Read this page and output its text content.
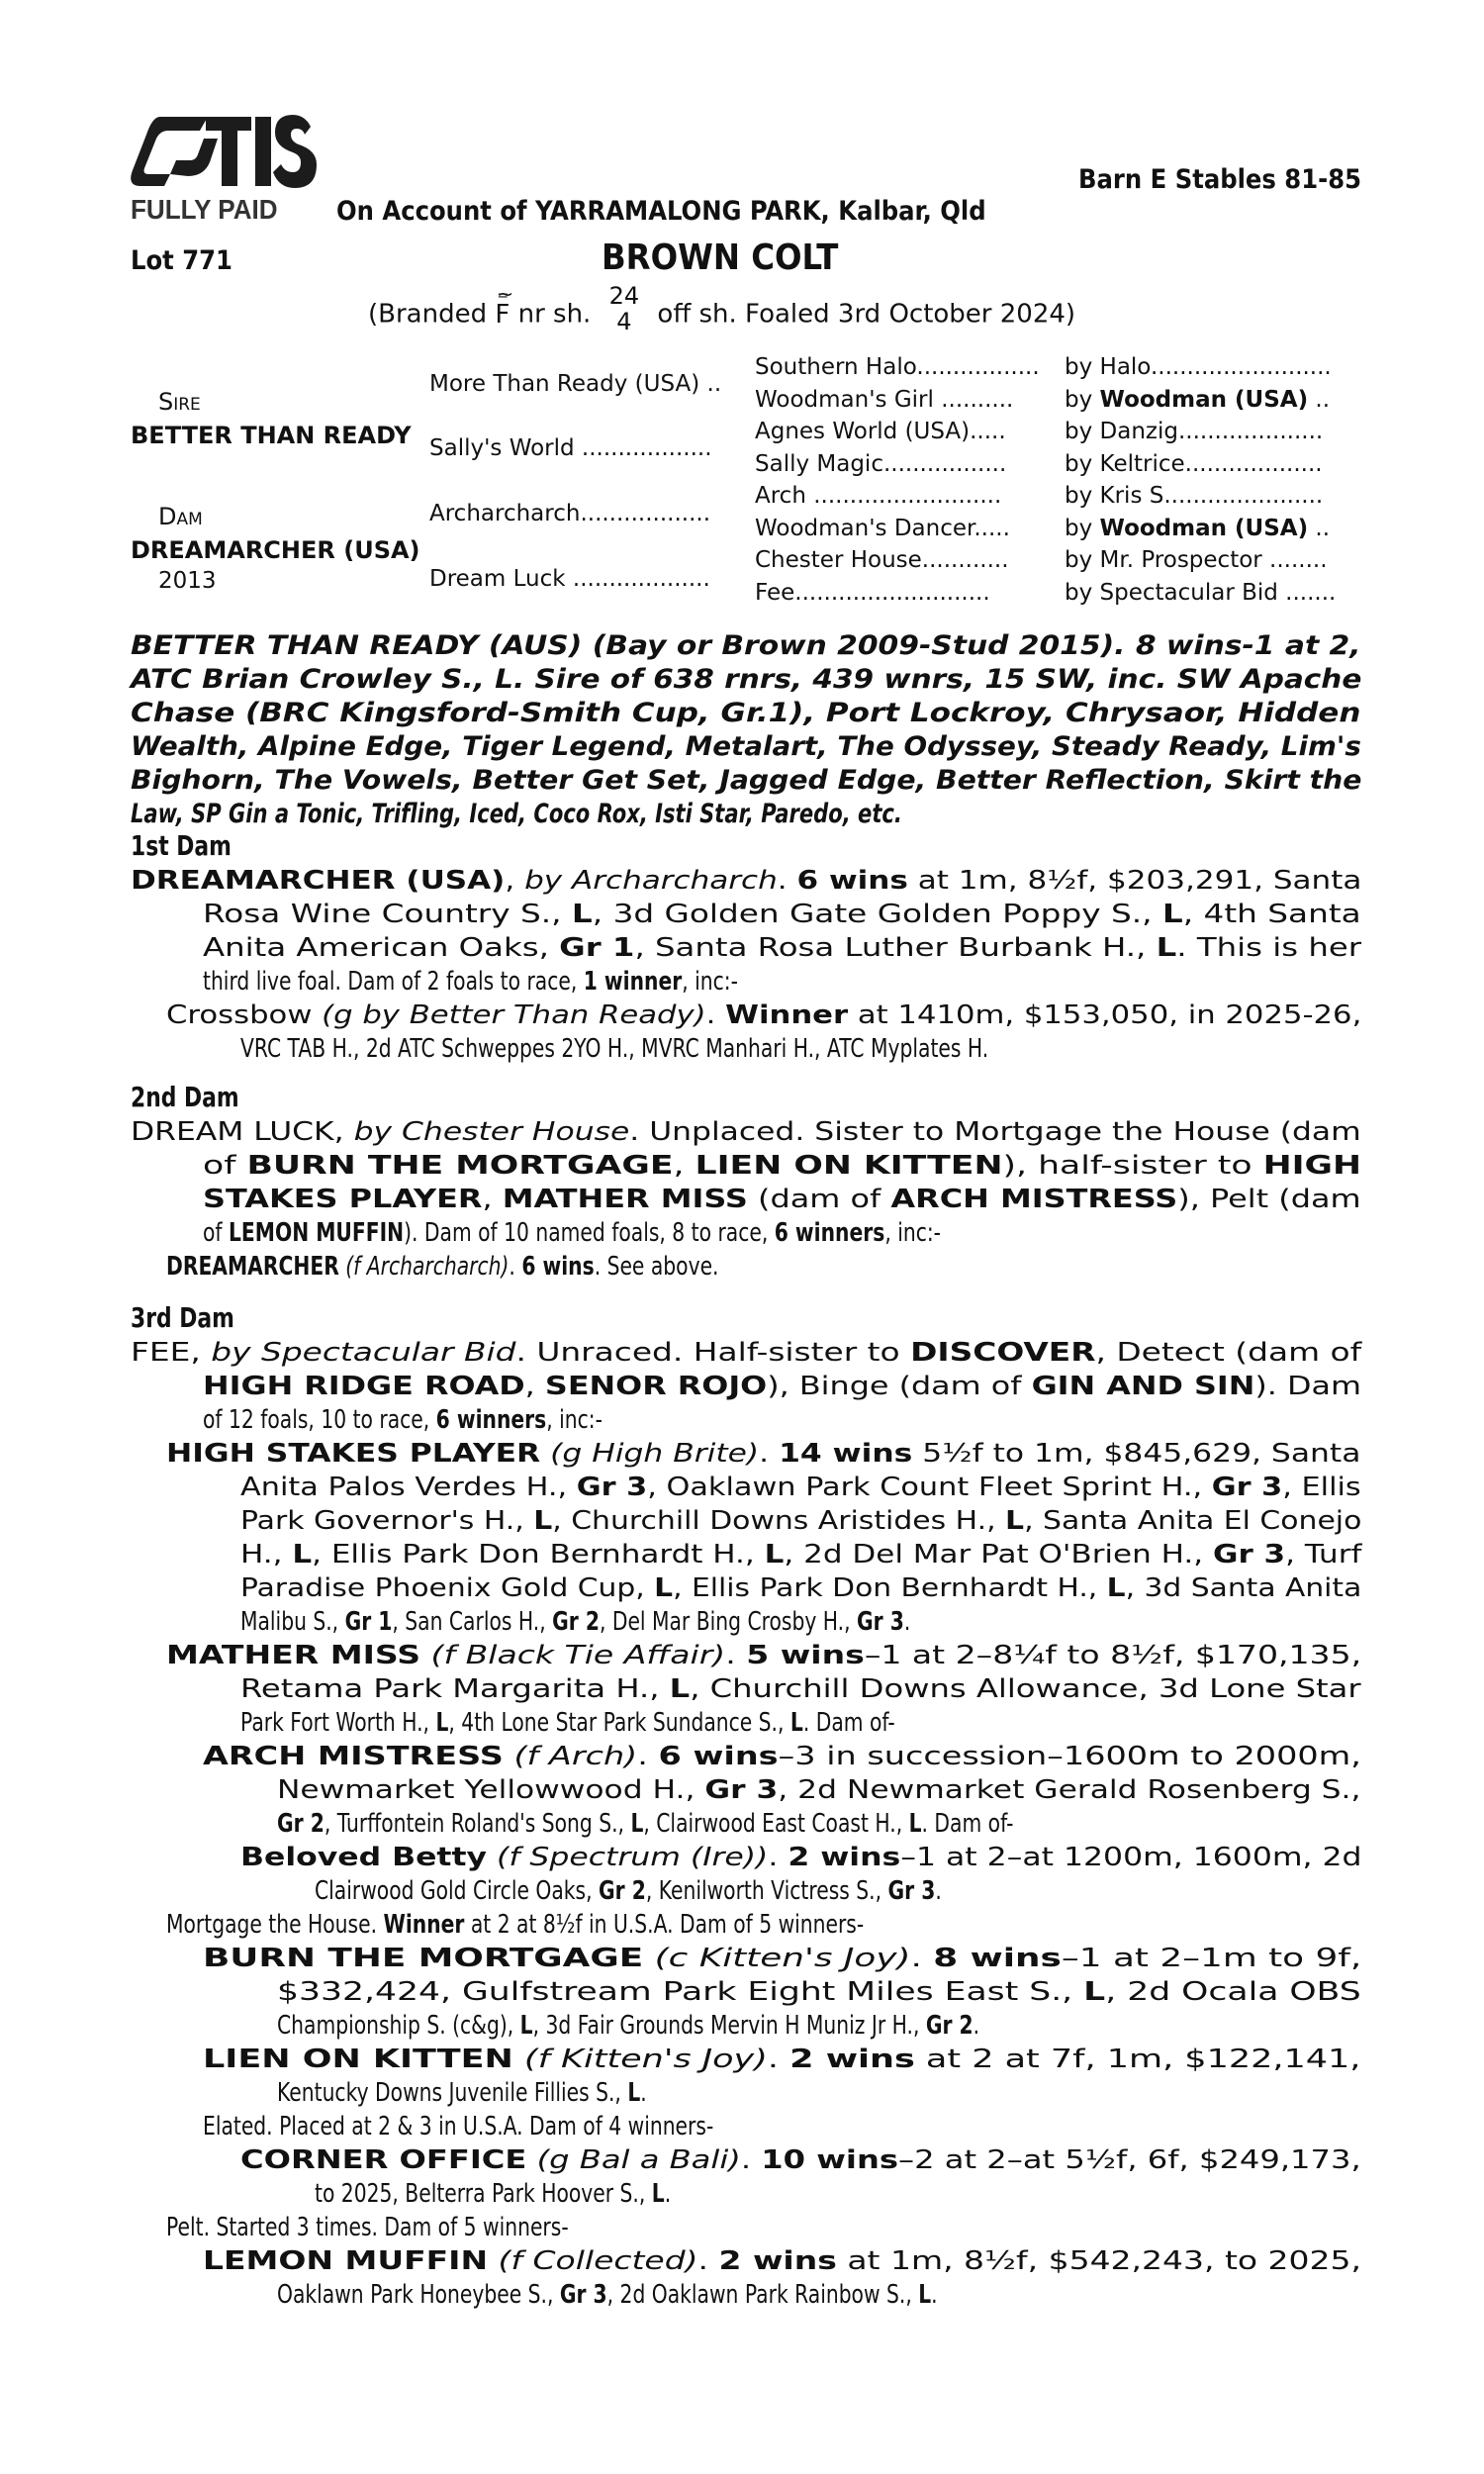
FULLY PAID
Barn E Stables 81-85
On Account of YARRAMALONG PARK, Kalbar, Qld
Lot 771	BROWN COLT
(Branded ~ F = nr sh.
24
4 off sh. Foaled 3rd October 2024)
Sire
BETTER THAN READY
Dam
DREAMARCHER (USA)
2013
More Than Ready (USA) ..
Sally's World ..................
Archarcharch..................
Dream Luck ...................
Southern Halo................. by Halo.........................
Woodman's Girl .......... by Woodman (USA) ..
Agnes World (USA).....	by Danzig....................
Sally Magic.................	by Keltrice...................
Arch ..........................	by Kris S......................
Woodman's Dancer..... by Woodman (USA) ..
Chester House............ by Mr. Prospector ........
Fee...........................	by Spectacular Bid .......
BETTER THAN READY (AUS) (Bay or Brown 2009-Stud 2015). 8 wins-1 at 2,
ATC Brian Crowley S., L. Sire of 638 rnrs, 439 wnrs, 15 SW, inc. SW Apache
Chase (BRC Kingsford-Smith Cup, Gr.1), Port Lockroy, Chrysaor, Hidden
Wealth, Alpine Edge, Tiger Legend, Metalart, The Odyssey, Steady Ready, Lim's
Bighorn, The Vowels, Better Get Set, Jagged Edge, Better Reflection, Skirt the
Law, SP Gin a Tonic, Trifling, Iced, Coco Rox, Isti Star, Paredo, etc.
1st Dam
DREAMARCHER (USA), by Archarcharch. 6 wins at 1m, 8½f, $203,291, Santa
Rosa Wine Country S., L, 3d Golden Gate Golden Poppy S., L, 4th Santa
Anita American Oaks, Gr 1, Santa Rosa Luther Burbank H., L. This is her
third live foal. Dam of 2 foals to race, 1 winner, inc:-
Crossbow (g by Better Than Ready). Winner at 1410m, $153,050, in 2025-26,
VRC TAB H., 2d ATC Schweppes 2YO H., MVRC Manhari H., ATC Myplates H.
2nd Dam
DREAM LUCK, by Chester House. Unplaced. Sister to Mortgage the House (dam
of BURN THE MORTGAGE, LIEN ON KITTEN), half-sister to HIGH
STAKES PLAYER, MATHER MISS (dam of ARCH MISTRESS), Pelt (dam
of LEMON MUFFIN). Dam of 10 named foals, 8 to race, 6 winners, inc:-
DREAMARCHER (f Archarcharch). 6 wins. See above.
3rd Dam
FEE, by Spectacular Bid. Unraced. Half-sister to DISCOVER, Detect (dam of
HIGH RIDGE ROAD, SENOR ROJO), Binge (dam of GIN AND SIN). Dam
of 12 foals, 10 to race, 6 winners, inc:-
HIGH STAKES PLAYER (g High Brite). 14 wins 5½f to 1m, $845,629, Santa
Anita Palos Verdes H., Gr 3, Oaklawn Park Count Fleet Sprint H., Gr 3, Ellis
Park Governor's H., L, Churchill Downs Aristides H., L, Santa Anita El Conejo
H., L, Ellis Park Don Bernhardt H., L, 2d Del Mar Pat O'Brien H., Gr 3, Turf
Paradise Phoenix Gold Cup, L, Ellis Park Don Bernhardt H., L, 3d Santa Anita
Malibu S., Gr 1, San Carlos H., Gr 2, Del Mar Bing Crosby H., Gr 3.
MATHER MISS (f Black Tie Affair). 5 wins–1 at 2–8¼f to 8½f, $170,135,
Retama Park Margarita H., L, Churchill Downs Allowance, 3d Lone Star
Park Fort Worth H., L, 4th Lone Star Park Sundance S., L. Dam of-
ARCH MISTRESS (f Arch). 6 wins–3 in succession–1600m to 2000m,
Newmarket Yellowwood H., Gr 3, 2d Newmarket Gerald Rosenberg S.,
Gr 2, Turffontein Roland's Song S., L, Clairwood East Coast H., L. Dam of-
Beloved Betty (f Spectrum (Ire)). 2 wins–1 at 2–at 1200m, 1600m, 2d
Clairwood Gold Circle Oaks, Gr 2, Kenilworth Victress S., Gr 3.
Mortgage the House. Winner at 2 at 8½f in U.S.A. Dam of 5 winners-
BURN THE MORTGAGE (c Kitten's Joy). 8 wins–1 at 2–1m to 9f,
$332,424, Gulfstream Park Eight Miles East S., L, 2d Ocala OBS
Championship S. (c&g), L, 3d Fair Grounds Mervin H Muniz Jr H., Gr 2.
LIEN ON KITTEN (f Kitten's Joy). 2 wins at 2 at 7f, 1m, $122,141,
Kentucky Downs Juvenile Fillies S., L.
Elated. Placed at 2 & 3 in U.S.A. Dam of 4 winners-
CORNER OFFICE (g Bal a Bali). 10 wins–2 at 2–at 5½f, 6f, $249,173,
to 2025, Belterra Park Hoover S., L.
Pelt. Started 3 times. Dam of 5 winners-
LEMON MUFFIN (f Collected). 2 wins at 1m, 8½f, $542,243, to 2025,
Oaklawn Park Honeybee S., Gr 3, 2d Oaklawn Park Rainbow S., L.
